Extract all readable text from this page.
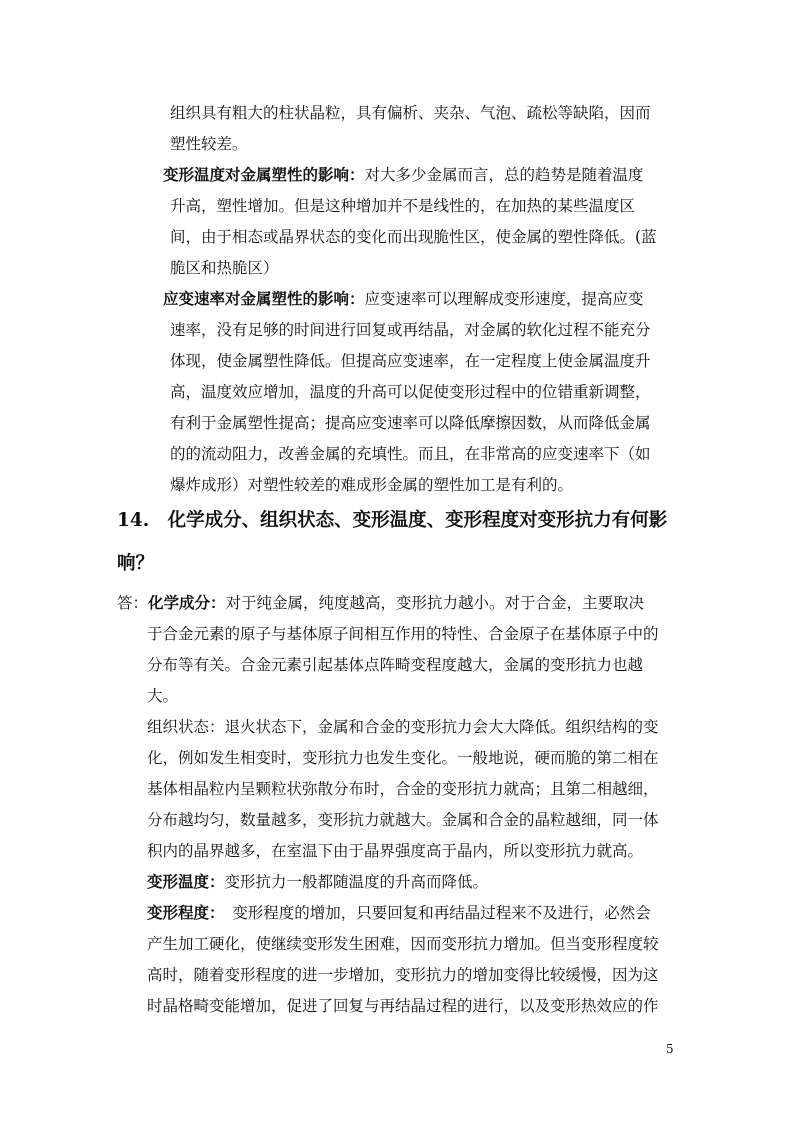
组织具有粗大的柱状晶粒，具有偏析、夹杂、气泡、疏松等缺陷，因而
塑性较差。
变形温度对金属塑性的影响：对大多少金属而言，总的趋势是随着温度
升高，塑性增加。但是这种增加并不是线性的，在加热的某些温度区
间，由于相态或晶界状态的变化而出现脆性区，使金属的塑性降低。(蓝
脆区和热脆区）
应变速率对金属塑性的影响：应变速率可以理解成变形速度，提高应变
速率，没有足够的时间进行回复或再结晶，对金属的软化过程不能充分
体现，使金属塑性降低。但提高应变速率，在一定程度上使金属温度升
高，温度效应增加，温度的升高可以促使变形过程中的位错重新调整，
有利于金属塑性提高；提高应变速率可以降低摩擦因数，从而降低金属
的的流动阻力，改善金属的充填性。而且，在非常高的应变速率下（如
爆炸成形）对塑性较差的难成形金属的塑性加工是有利的。
14.　化学成分、组织状态、变形温度、变形程度对变形抗力有何影
响？
答：化学成分：对于纯金属，纯度越高，变形抗力越小。对于合金，主要取决
于合金元素的原子与基体原子间相互作用的特性、合金原子在基体原子中的
分布等有关。合金元素引起基体点阵畸变程度越大，金属的变形抗力也越
大。
组织状态：退火状态下，金属和合金的变形抗力会大大降低。组织结构的变
化，例如发生相变时，变形抗力也发生变化。一般地说，硬而脆的第二相在
基体相晶粒内呈颗粒状弥散分布时，合金的变形抗力就高；且第二相越细，
分布越均匀，数量越多，变形抗力就越大。金属和合金的晶粒越细，同一体
积内的晶界越多，在室温下由于晶界强度高于晶内，所以变形抗力就高。
变形温度：变形抗力一般都随温度的升高而降低。
变形程度：　变形程度的增加，只要回复和再结晶过程来不及进行，必然会
产生加工硬化，使继续变形发生困难，因而变形抗力增加。但当变形程度较
高时，随着变形程度的进一步增加，变形抗力的增加变得比较缓慢，因为这
时晶格畸变能增加，促进了回复与再结晶过程的进行，以及变形热效应的作
5
